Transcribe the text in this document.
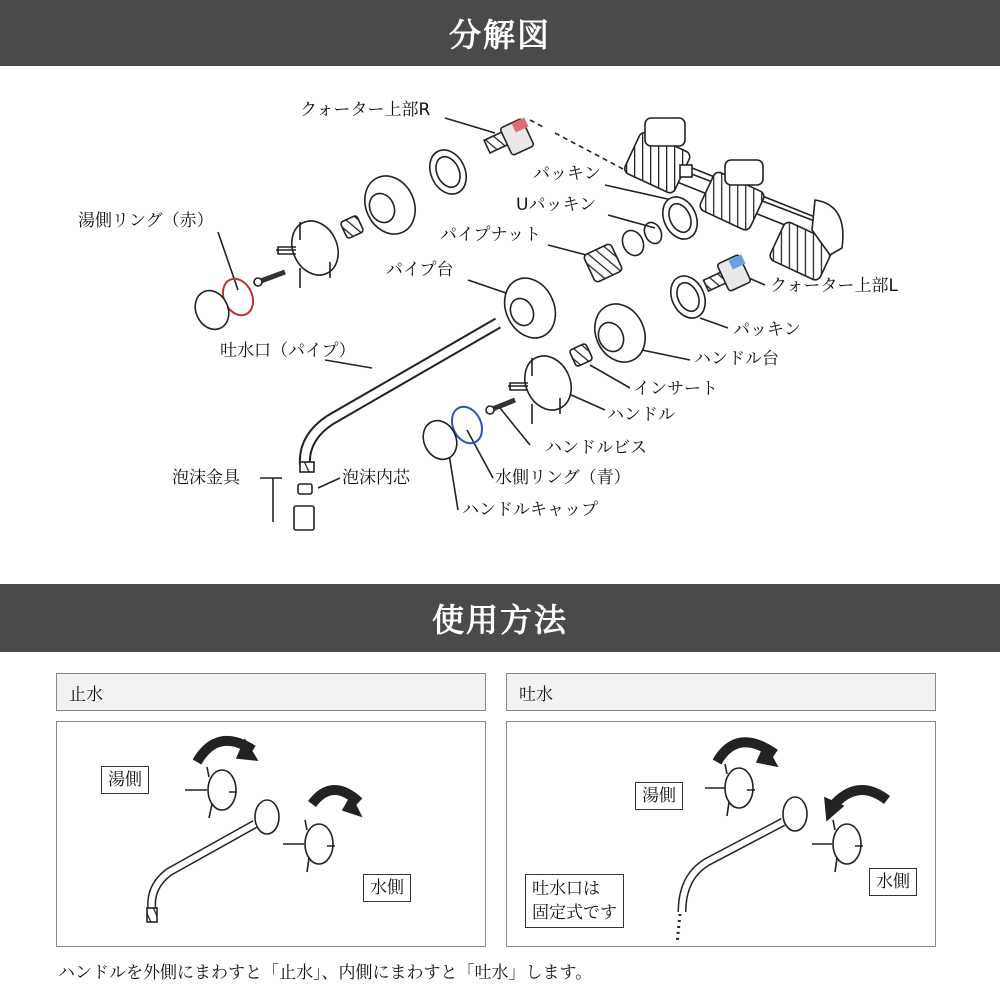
分解図
クォーター上部R
パッキン
Uパッキン
湯側リング（赤）
パイプナット
パイプ台
クォーター上部L
パッキン
吐水口（パイプ）	ハンドル台
インサート
ハンドル
ハンドルビス
泡沫金具	泡沫内芯	水側リング（青）
ハンドルキャップ
使用方法
止水
湯側
水側
吐水
湯側
水側
吐水口は
固定式です
ハンドルを外側にまわすと「止水」、内側にまわすと「吐水」します。
